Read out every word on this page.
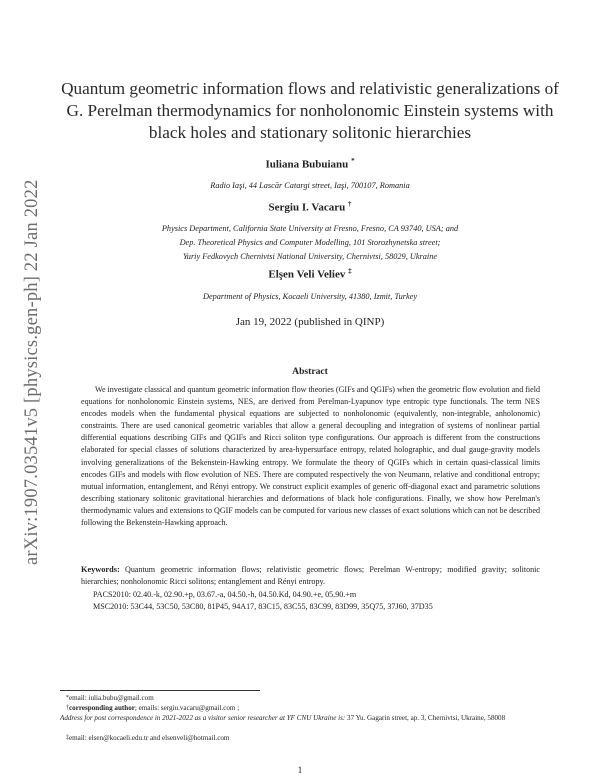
arXiv:1907.03541v5 [physics.gen-ph] 22 Jan 2022
Quantum geometric information flows and relativistic generalizations of
G. Perelman thermodynamics for nonholonomic Einstein systems with
black holes and stationary solitonic hierarchies
Iuliana Bubuianu *
Radio Iaşi, 44 Lascăr Catargi street, Iaşi, 700107, Romania
Sergiu I. Vacaru †
Physics Department, California State University at Fresno, Fresno, CA 93740, USA; and
Dep. Theoretical Physics and Computer Modelling, 101 Storozhynetska street;
Yuriy Fedkovych Chernivtsi National University, Chernivtsi, 58029, Ukraine
Elşen Veli Veliev ‡
Department of Physics, Kocaeli University, 41380, Izmit, Turkey
Jan 19, 2022 (published in QINP)
Abstract
We investigate classical and quantum geometric information flow theories (GIFs and QGIFs) when the geometric flow evolution and field equations for nonholonomic Einstein systems, NES, are derived from Perelman-Lyapunov type entropic type functionals. The term NES encodes models when the fundamental physical equations are subjected to nonholonomic (equivalently, non-integrable, anholonomic) constraints. There are used canonical geometric variables that allow a general decoupling and integration of systems of nonlinear partial differential equations describing GIFs and QGIFs and Ricci soliton type configurations. Our approach is different from the constructions elaborated for special classes of solutions characterized by area-hypersurface entropy, related holographic, and dual gauge-gravity models involving generalizations of the Bekenstein-Hawking entropy. We formulate the theory of QGIFs which in certain quasi-classical limits encodes GIFs and models with flow evolution of NES. There are computed respectively the von Neumann, relative and conditional entropy; mutual information, entanglement, and Rényi entropy. We construct explicit examples of generic off-diagonal exact and parametric solutions describing stationary solitonic gravitational hierarchies and deformations of black hole configurations. Finally, we show how Perelman's thermodynamic values and extensions to QGIF models can be computed for various new classes of exact solutions which can not be described following the Bekenstein-Hawking approach.
Keywords: Quantum geometric information flows; relativistic geometric flows; Perelman W-entropy; modified gravity; solitonic hierarchies; nonholonomic Ricci solitons; entanglement and Rényi entropy.
PACS2010: 02.40.-k, 02.90.+p, 03.67.-a, 04.50.-h, 04.50.Kd, 04.90.+e, 05.90.+m
MSC2010: 53C44, 53C50, 53C80, 81P45, 94A17, 83C15, 83C55, 83C99, 83D99, 35Q75, 37J60, 37D35
*email: iulia.bubu@gmail.com
†corresponding author; emails: sergiu.vacaru@gmail.com ;
Address for post correspondence in 2021-2022 as a visitor senior researcher at YF CNU Ukraine is: 37 Yu. Gagarin street, ap. 3, Chernivtsi, Ukraine, 58008
‡email: elsen@kocaeli.edu.tr and elsenveli@hotmail.com
1
